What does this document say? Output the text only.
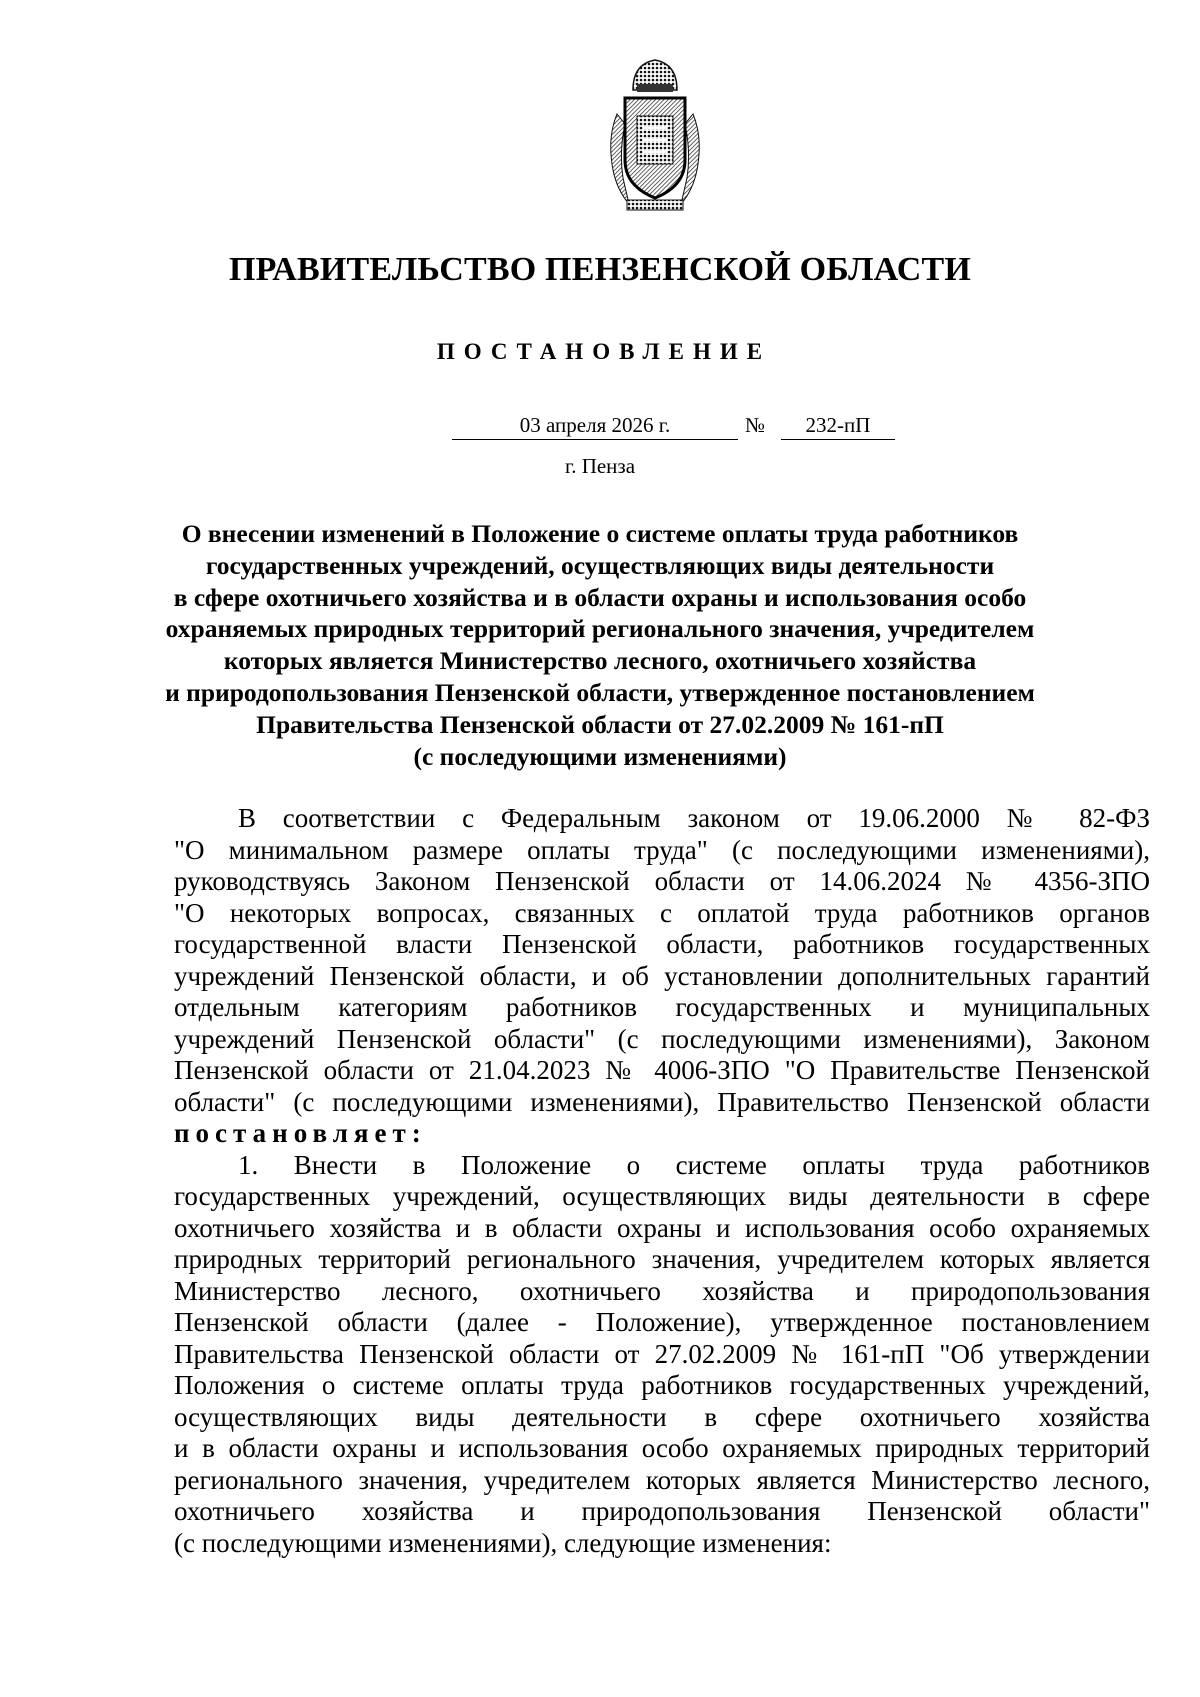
ПРАВИТЕЛЬСТВО ПЕНЗЕНСКОЙ ОБЛАСТИ
ПОСТАНОВЛЕНИЕ
03 апреля 2026 г.	№	232-пП
г. Пенза
О внесении изменений в Положение о системе оплаты труда работников
государственных учреждений, осуществляющих виды деятельности
в сфере охотничьего хозяйства и в области охраны и использования особо
охраняемых природных территорий регионального значения, учредителем
которых является Министерство лесного, охотничьего хозяйства
и природопользования Пензенской области, утвержденное постановлением
Правительства Пензенской области от 27.02.2009 № 161-пП
(с последующими изменениями)
В соответствии с Федеральным законом от 19.06.2000 № 82-ФЗ
"О минимальном размере оплаты труда" (с последующими изменениями),
руководствуясь Законом Пензенской области от 14.06.2024 № 4356-ЗПО
"О некоторых вопросах, связанных с оплатой труда работников органов
государственной власти Пензенской области, работников государственных
учреждений Пензенской области, и об установлении дополнительных гарантий
отдельным категориям работников государственных и муниципальных
учреждений Пензенской области" (с последующими изменениями), Законом
Пензенской области от 21.04.2023 № 4006-ЗПО "О Правительстве Пензенской
области" (с последующими изменениями), Правительство Пензенской области
постановляет:
1. Внести в Положение о системе оплаты труда работников
государственных учреждений, осуществляющих виды деятельности в сфере
охотничьего хозяйства и в области охраны и использования особо охраняемых
природных территорий регионального значения, учредителем которых является
Министерство лесного, охотничьего хозяйства и природопользования
Пензенской области (далее - Положение), утвержденное постановлением
Правительства Пензенской области от 27.02.2009 № 161-пП "Об утверждении
Положения о системе оплаты труда работников государственных учреждений,
осуществляющих виды деятельности в сфере охотничьего хозяйства
и в области охраны и использования особо охраняемых природных территорий
регионального значения, учредителем которых является Министерство лесного,
охотничьего хозяйства и природопользования Пензенской области"
(с последующими изменениями), следующие изменения:
